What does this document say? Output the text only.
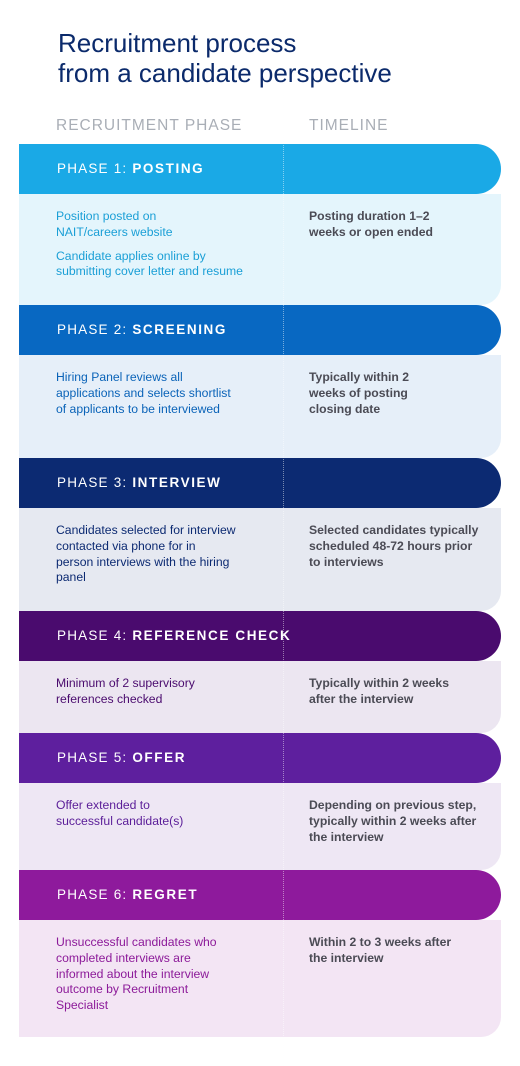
Recruitment process
from a candidate perspective
RECRUITMENT PHASE	TIMELINE
PHASE 1: POSTING

Position posted on NAIT/careers website

Candidate applies online by submitting cover letter and resume

Posting duration 1–2 weeks or open ended
PHASE 2: SCREENING

Hiring Panel reviews all applications and selects shortlist of applicants to be interviewed

Typically within 2 weeks of posting closing date
PHASE 3: INTERVIEW

Candidates selected for interview contacted via phone for in person interviews with the hiring panel

Selected candidates typically scheduled 48-72 hours prior to interviews
PHASE 4: REFERENCE CHECK

Minimum of 2 supervisory references checked

Typically within 2 weeks after the interview
PHASE 5: OFFER

Offer extended to successful candidate(s)

Depending on previous step, typically within 2 weeks after the interview
PHASE 6: REGRET

Unsuccessful candidates who completed interviews are informed about the interview outcome by Recruitment Specialist

Within 2 to 3 weeks after the interview
